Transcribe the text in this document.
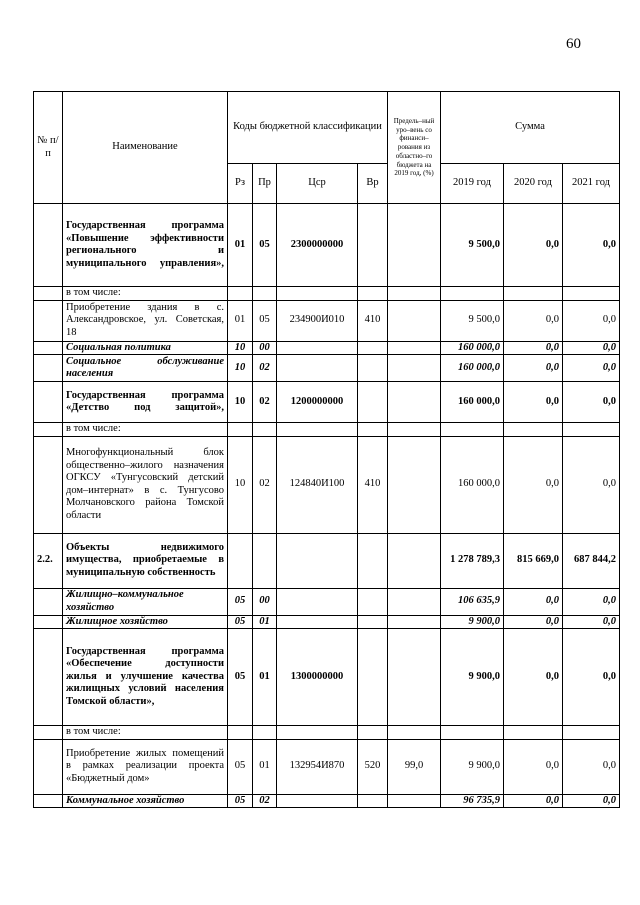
60
№ п/п	Наименование	Коды бюджетной классификации				Предель–ный уро–вень со финанси–рования из областно–го бюджета на 2019 год, (%)	Сумма		
		Рз	Пр	Цср	Вр		2019 год	2020 год	2021 год
	Государственная программа «Повышение эффективности регионального и муниципального управления»,	01	05	2300000000			9 500,0	0,0	0,0
	в том числе:								
	Приобретение здания в с. Александровское, ул. Советская, 18	01	05	234900И010	410		9 500,0	0,0	0,0
	Социальная политика	10	00				160 000,0	0,0	0,0
	Социальное обслуживание населения	10	02				160 000,0	0,0	0,0
	Государственная программа «Детство под защитой»,	10	02	1200000000			160 000,0	0,0	0,0
	в том числе:								
	Многофункциональный блок общественно–жилого назначения ОГКСУ «Тунгусовский детский дом–интернат» в с. Тунгусово Молчановского района Томской области	10	02	124840И100	410		160 000,0	0,0	0,0
2.2.	Объекты недвижимого имущества, приобретаемые в муниципальную собственность						1 278 789,3	815 669,0	687 844,2
	Жилищно–коммунальное хозяйство	05	00				106 635,9	0,0	0,0
	Жилищное хозяйство	05	01				9 900,0	0,0	0,0
	Государственная программа «Обеспечение доступности жилья и улучшение качества жилищных условий населения Томской области»,	05	01	1300000000			9 900,0	0,0	0,0
	в том числе:								
	Приобретение жилых помещений в рамках реализации проекта «Бюджетный дом»	05	01	132954И870	520	99,0	9 900,0	0,0	0,0
	Коммунальное хозяйство	05	02				96 735,9	0,0	0,0
